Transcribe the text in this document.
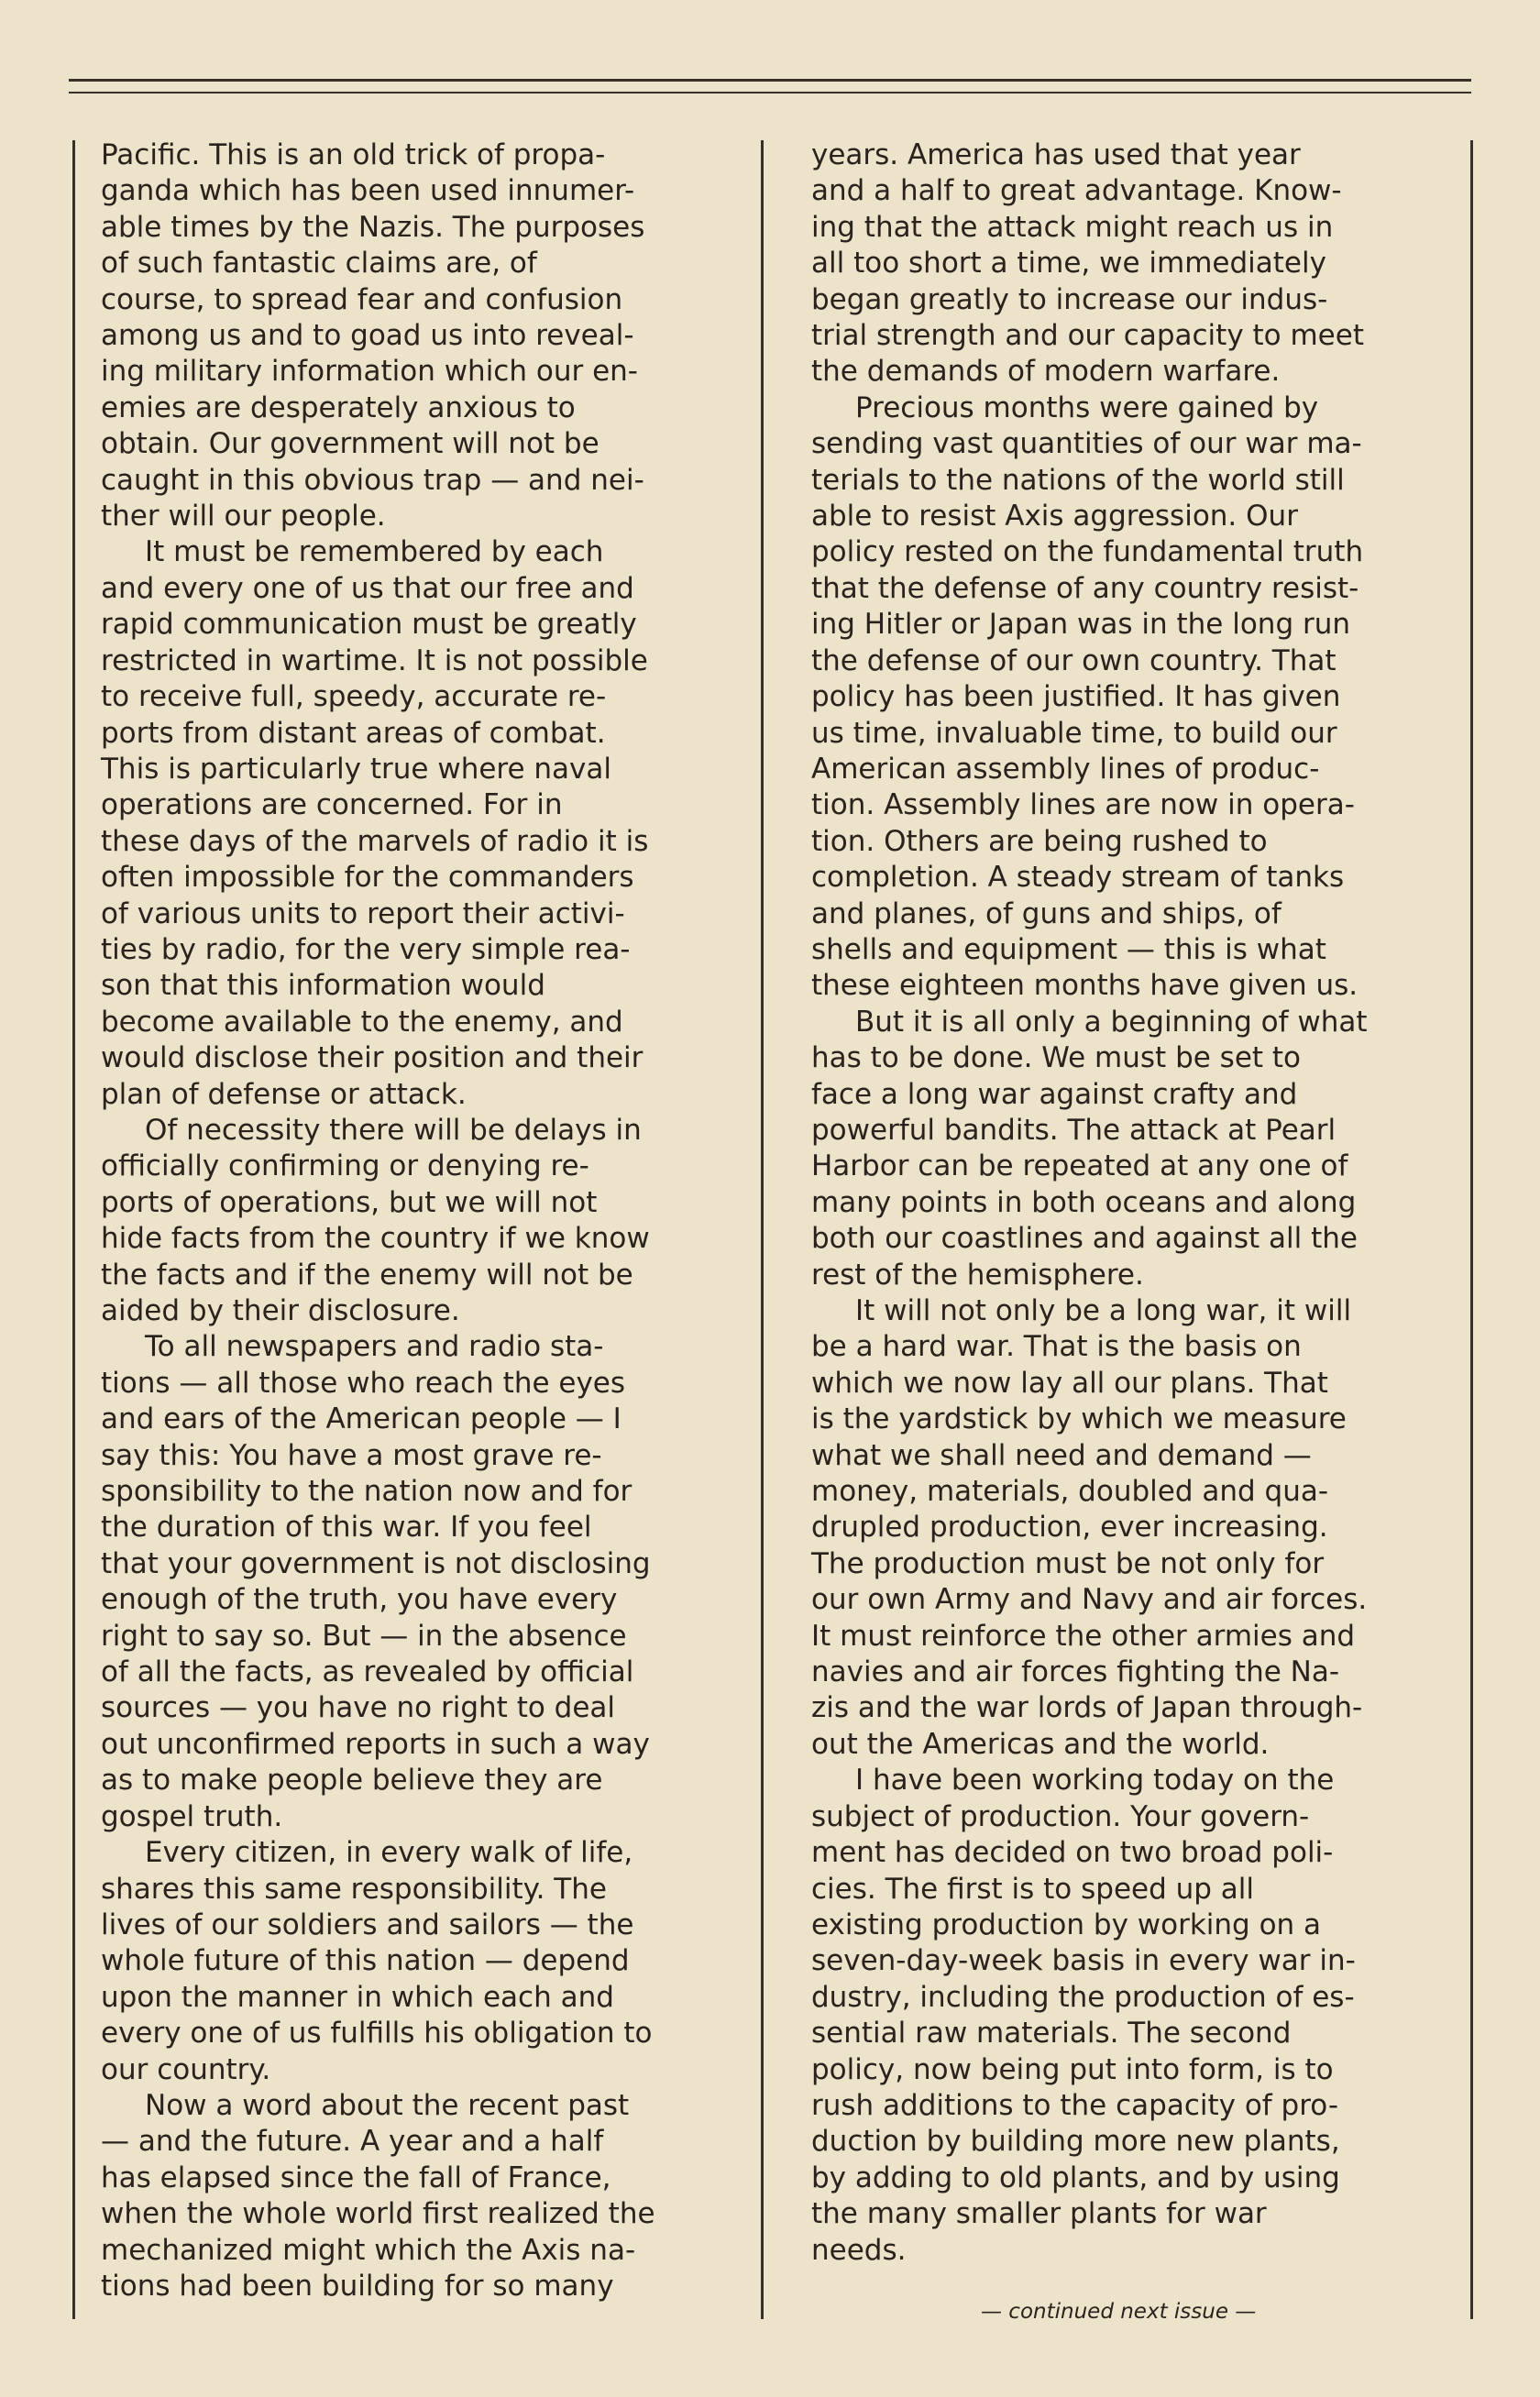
Pacific. This is an old trick of propa-
ganda which has been used innumer-
able times by the Nazis. The purposes
of such fantastic claims are, of
course, to spread fear and confusion
among us and to goad us into reveal-
ing military information which our en-
emies are desperately anxious to
obtain. Our government will not be
caught in this obvious trap — and nei-
ther will our people.
It must be remembered by each
and every one of us that our free and
rapid communication must be greatly
restricted in wartime. It is not possible
to receive full, speedy, accurate re-
ports from distant areas of combat.
This is particularly true where naval
operations are concerned. For in
these days of the marvels of radio it is
often impossible for the commanders
of various units to report their activi-
ties by radio, for the very simple rea-
son that this information would
become available to the enemy, and
would disclose their position and their
plan of defense or attack.
Of necessity there will be delays in
officially confirming or denying re-
ports of operations, but we will not
hide facts from the country if we know
the facts and if the enemy will not be
aided by their disclosure.
To all newspapers and radio sta-
tions — all those who reach the eyes
and ears of the American people — I
say this: You have a most grave re-
sponsibility to the nation now and for
the duration of this war. If you feel
that your government is not disclosing
enough of the truth, you have every
right to say so. But — in the absence
of all the facts, as revealed by official
sources — you have no right to deal
out unconfirmed reports in such a way
as to make people believe they are
gospel truth.
Every citizen, in every walk of life,
shares this same responsibility. The
lives of our soldiers and sailors — the
whole future of this nation — depend
upon the manner in which each and
every one of us fulfills his obligation to
our country.
Now a word about the recent past
— and the future. A year and a half
has elapsed since the fall of France,
when the whole world first realized the
mechanized might which the Axis na-
tions had been building for so many
years. America has used that year
and a half to great advantage. Know-
ing that the attack might reach us in
all too short a time, we immediately
began greatly to increase our indus-
trial strength and our capacity to meet
the demands of modern warfare.
Precious months were gained by
sending vast quantities of our war ma-
terials to the nations of the world still
able to resist Axis aggression. Our
policy rested on the fundamental truth
that the defense of any country resist-
ing Hitler or Japan was in the long run
the defense of our own country. That
policy has been justified. It has given
us time, invaluable time, to build our
American assembly lines of produc-
tion. Assembly lines are now in opera-
tion. Others are being rushed to
completion. A steady stream of tanks
and planes, of guns and ships, of
shells and equipment — this is what
these eighteen months have given us.
But it is all only a beginning of what
has to be done. We must be set to
face a long war against crafty and
powerful bandits. The attack at Pearl
Harbor can be repeated at any one of
many points in both oceans and along
both our coastlines and against all the
rest of the hemisphere.
It will not only be a long war, it will
be a hard war. That is the basis on
which we now lay all our plans. That
is the yardstick by which we measure
what we shall need and demand —
money, materials, doubled and qua-
drupled production, ever increasing.
The production must be not only for
our own Army and Navy and air forces.
It must reinforce the other armies and
navies and air forces fighting the Na-
zis and the war lords of Japan through-
out the Americas and the world.
I have been working today on the
subject of production. Your govern-
ment has decided on two broad poli-
cies. The first is to speed up all
existing production by working on a
seven-day-week basis in every war in-
dustry, including the production of es-
sential raw materials. The second
policy, now being put into form, is to
rush additions to the capacity of pro-
duction by building more new plants,
by adding to old plants, and by using
the many smaller plants for war
needs.
— continued next issue —
